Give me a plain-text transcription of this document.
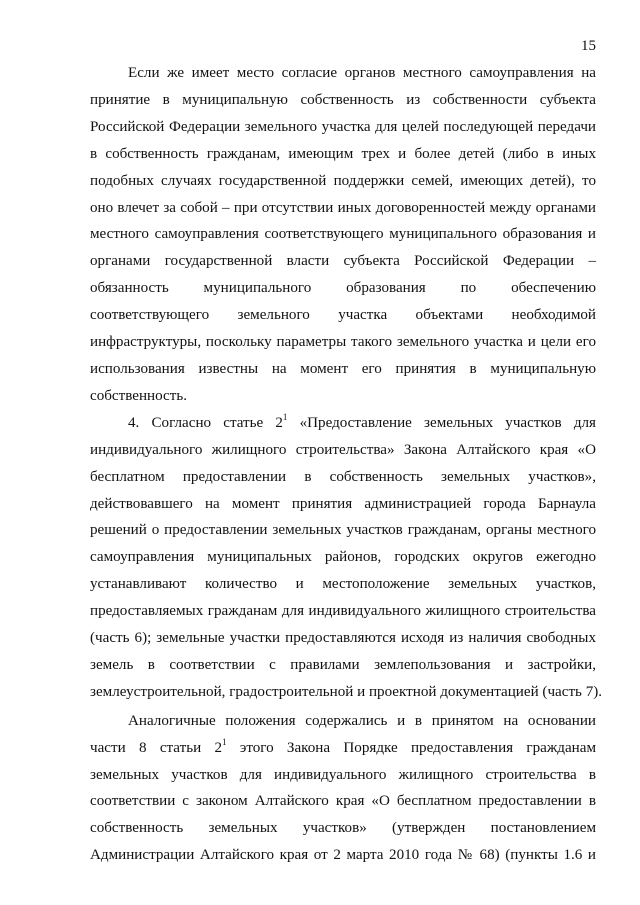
15
Если же имеет место согласие органов местного самоуправления на
принятие в муниципальную собственность из собственности субъекта
Российской Федерации земельного участка для целей последующей передачи
в собственность гражданам, имеющим трех и более детей (либо в иных
подобных случаях государственной поддержки семей, имеющих детей), то
оно влечет за собой – при отсутствии иных договоренностей между органами
местного самоуправления соответствующего муниципального образования и
органами государственной власти субъекта Российской Федерации –
обязанность муниципального образования по обеспечению
соответствующего земельного участка объектами необходимой
инфраструктуры, поскольку параметры такого земельного участка и цели его
использования известны на момент его принятия в муниципальную
собственность.
4. Согласно статье $2^1$ «Предоставление земельных участков для
индивидуального жилищного строительства» Закона Алтайского края «О
бесплатном предоставлении в собственность земельных участков»,
действовавшего на момент принятия администрацией города Барнаула
решений о предоставлении земельных участков гражданам, органы местного
самоуправления муниципальных районов, городских округов ежегодно
устанавливают количество и местоположение земельных участков,
предоставляемых гражданам для индивидуального жилищного строительства
(часть 6); земельные участки предоставляются исходя из наличия свободных
земель в соответствии с правилами землепользования и застройки,
землеустроительной, градостроительной и проектной документацией (часть 7).
Аналогичные положения содержались и в принятом на основании
части 8 статьи $2^1$ этого Закона Порядке предоставления гражданам
земельных участков для индивидуального жилищного строительства в
соответствии с законом Алтайского края «О бесплатном предоставлении в
собственность земельных участков» (утвержден постановлением
Администрации Алтайского края от 2 марта 2010 года № 68) (пункты 1.6 и
